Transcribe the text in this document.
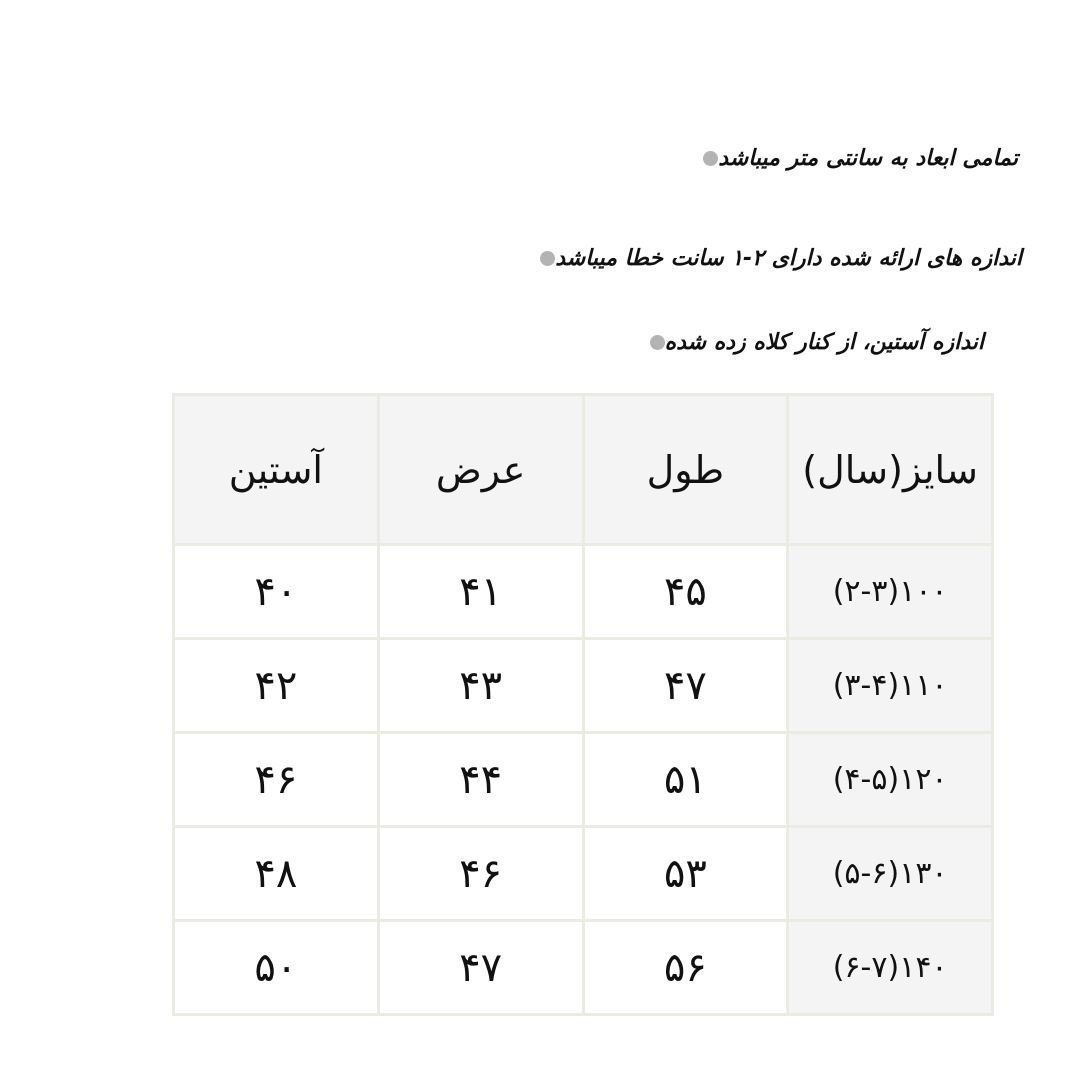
تمامی ابعاد به سانتی متر میباشد
اندازه های ارائه شده دارای ۲-۱ سانت خطا میباشد
اندازه آستین، از کنار کلاه زده شده
سایز(سال)	طول	عرض	آستین
۱۰۰(۲-۳)	۴۵	۴۱	۴۰
۱۱۰(۳-۴)	۴۷	۴۳	۴۲
۱۲۰(۴-۵)	۵۱	۴۴	۴۶
۱۳۰(۵-۶)	۵۳	۴۶	۴۸
۱۴۰(۶-۷)	۵۶	۴۷	۵۰
